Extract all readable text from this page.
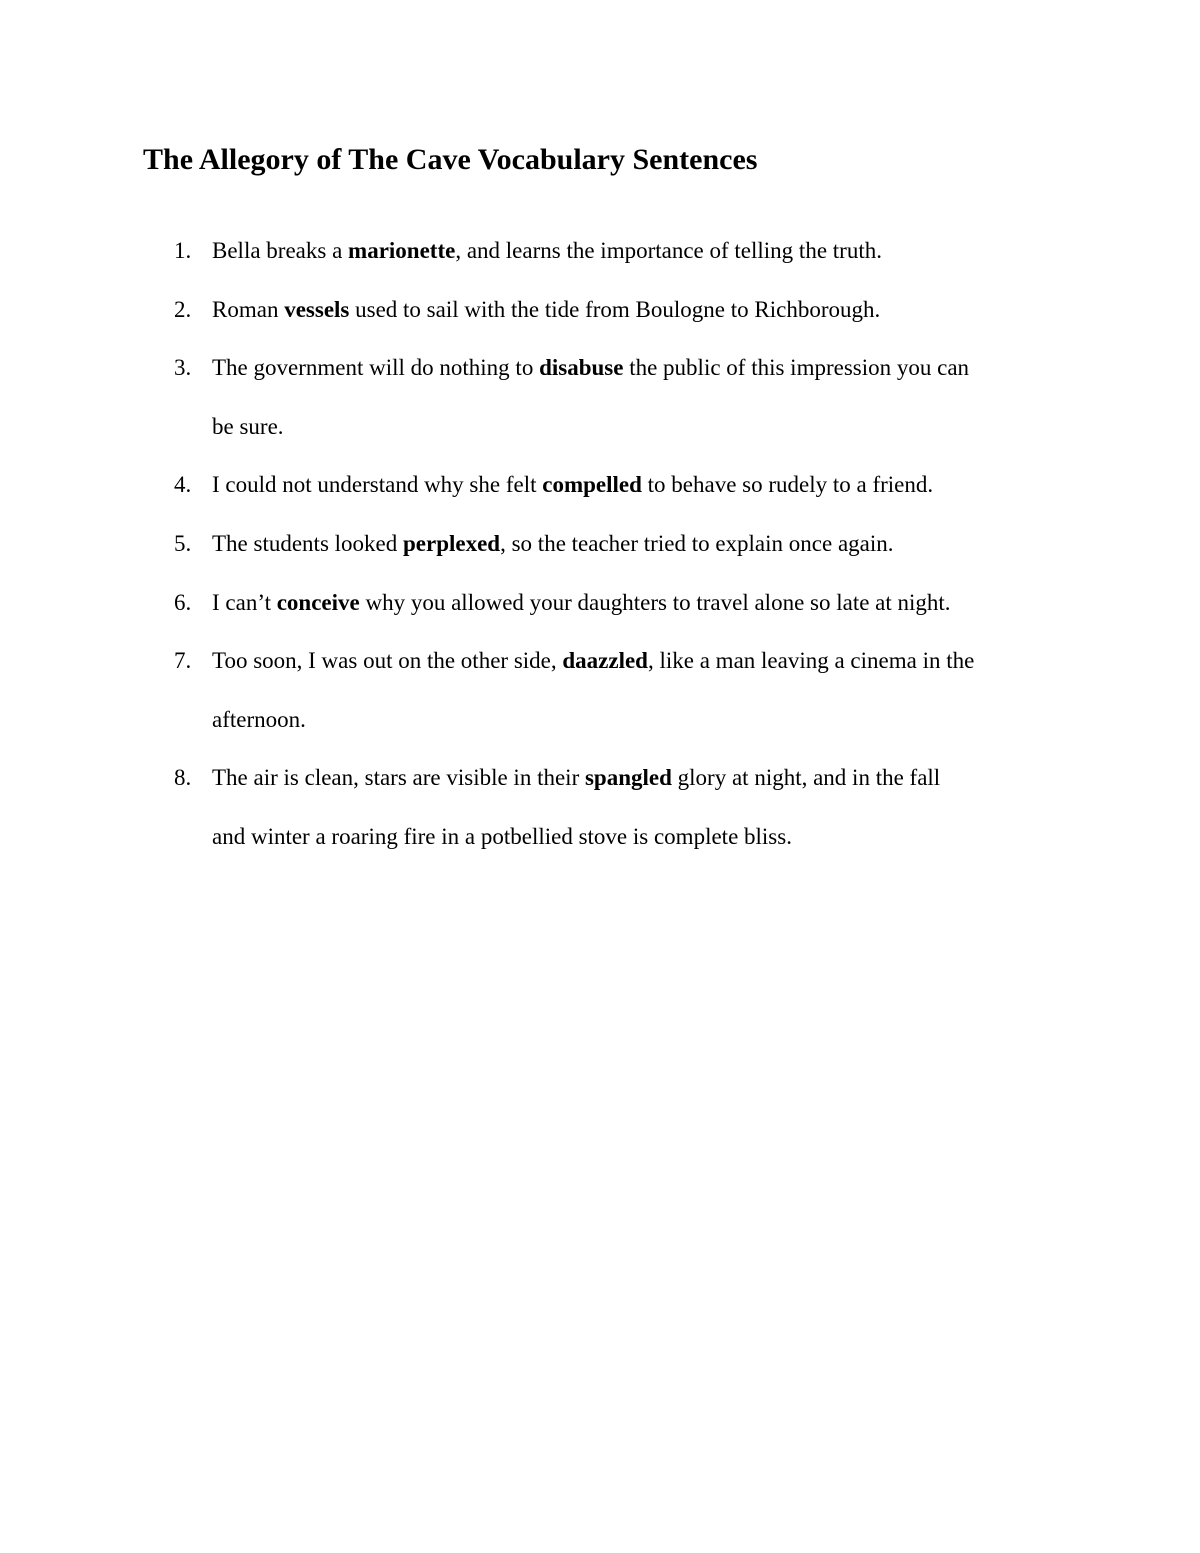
The Allegory of The Cave Vocabulary Sentences
1. Bella breaks a marionette, and learns the importance of telling the truth.
2. Roman vessels used to sail with the tide from Boulogne to Richborough.
3. The government will do nothing to disabuse the public of this impression you can
be sure.
4. I could not understand why she felt compelled to behave so rudely to a friend.
5. The students looked perplexed, so the teacher tried to explain once again.
6. I can’t conceive why you allowed your daughters to travel alone so late at night.
7. Too soon, I was out on the other side, daazzled, like a man leaving a cinema in the
afternoon.
8. The air is clean, stars are visible in their spangled glory at night, and in the fall
and winter a roaring fire in a potbellied stove is complete bliss.
